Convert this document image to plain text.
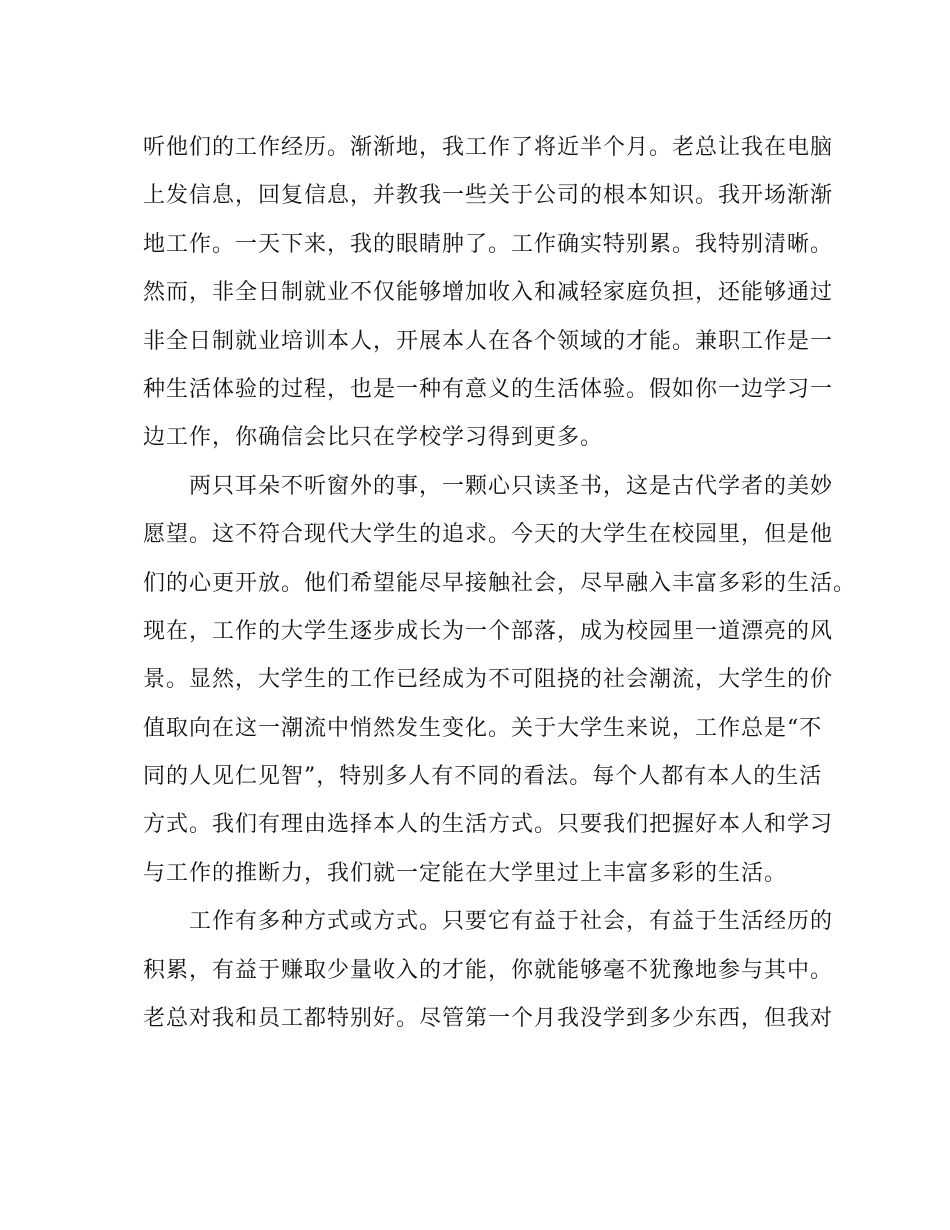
听他们的工作经历。渐渐地，我工作了将近半个月。老总让我在电脑
上发信息，回复信息，并教我一些关于公司的根本知识。我开场渐渐
地工作。一天下来，我的眼睛肿了。工作确实特别累。我特别清晰。
然而，非全日制就业不仅能够增加收入和减轻家庭负担，还能够通过
非全日制就业培训本人，开展本人在各个领域的才能。兼职工作是一
种生活体验的过程，也是一种有意义的生活体验。假如你一边学习一
边工作，你确信会比只在学校学习得到更多。
两只耳朵不听窗外的事，一颗心只读圣书，这是古代学者的美妙
愿望。这不符合现代大学生的追求。今天的大学生在校园里，但是他
们的心更开放。他们希望能尽早接触社会，尽早融入丰富多彩的生活。
现在，工作的大学生逐步成长为一个部落，成为校园里一道漂亮的风
景。显然，大学生的工作已经成为不可阻挠的社会潮流，大学生的价
值取向在这一潮流中悄然发生变化。关于大学生来说，工作总是“不
同的人见仁见智”，特别多人有不同的看法。每个人都有本人的生活
方式。我们有理由选择本人的生活方式。只要我们把握好本人和学习
与工作的推断力，我们就一定能在大学里过上丰富多彩的生活。
工作有多种方式或方式。只要它有益于社会，有益于生活经历的
积累，有益于赚取少量收入的才能，你就能够毫不犹豫地参与其中。
老总对我和员工都特别好。尽管第一个月我没学到多少东西，但我对
